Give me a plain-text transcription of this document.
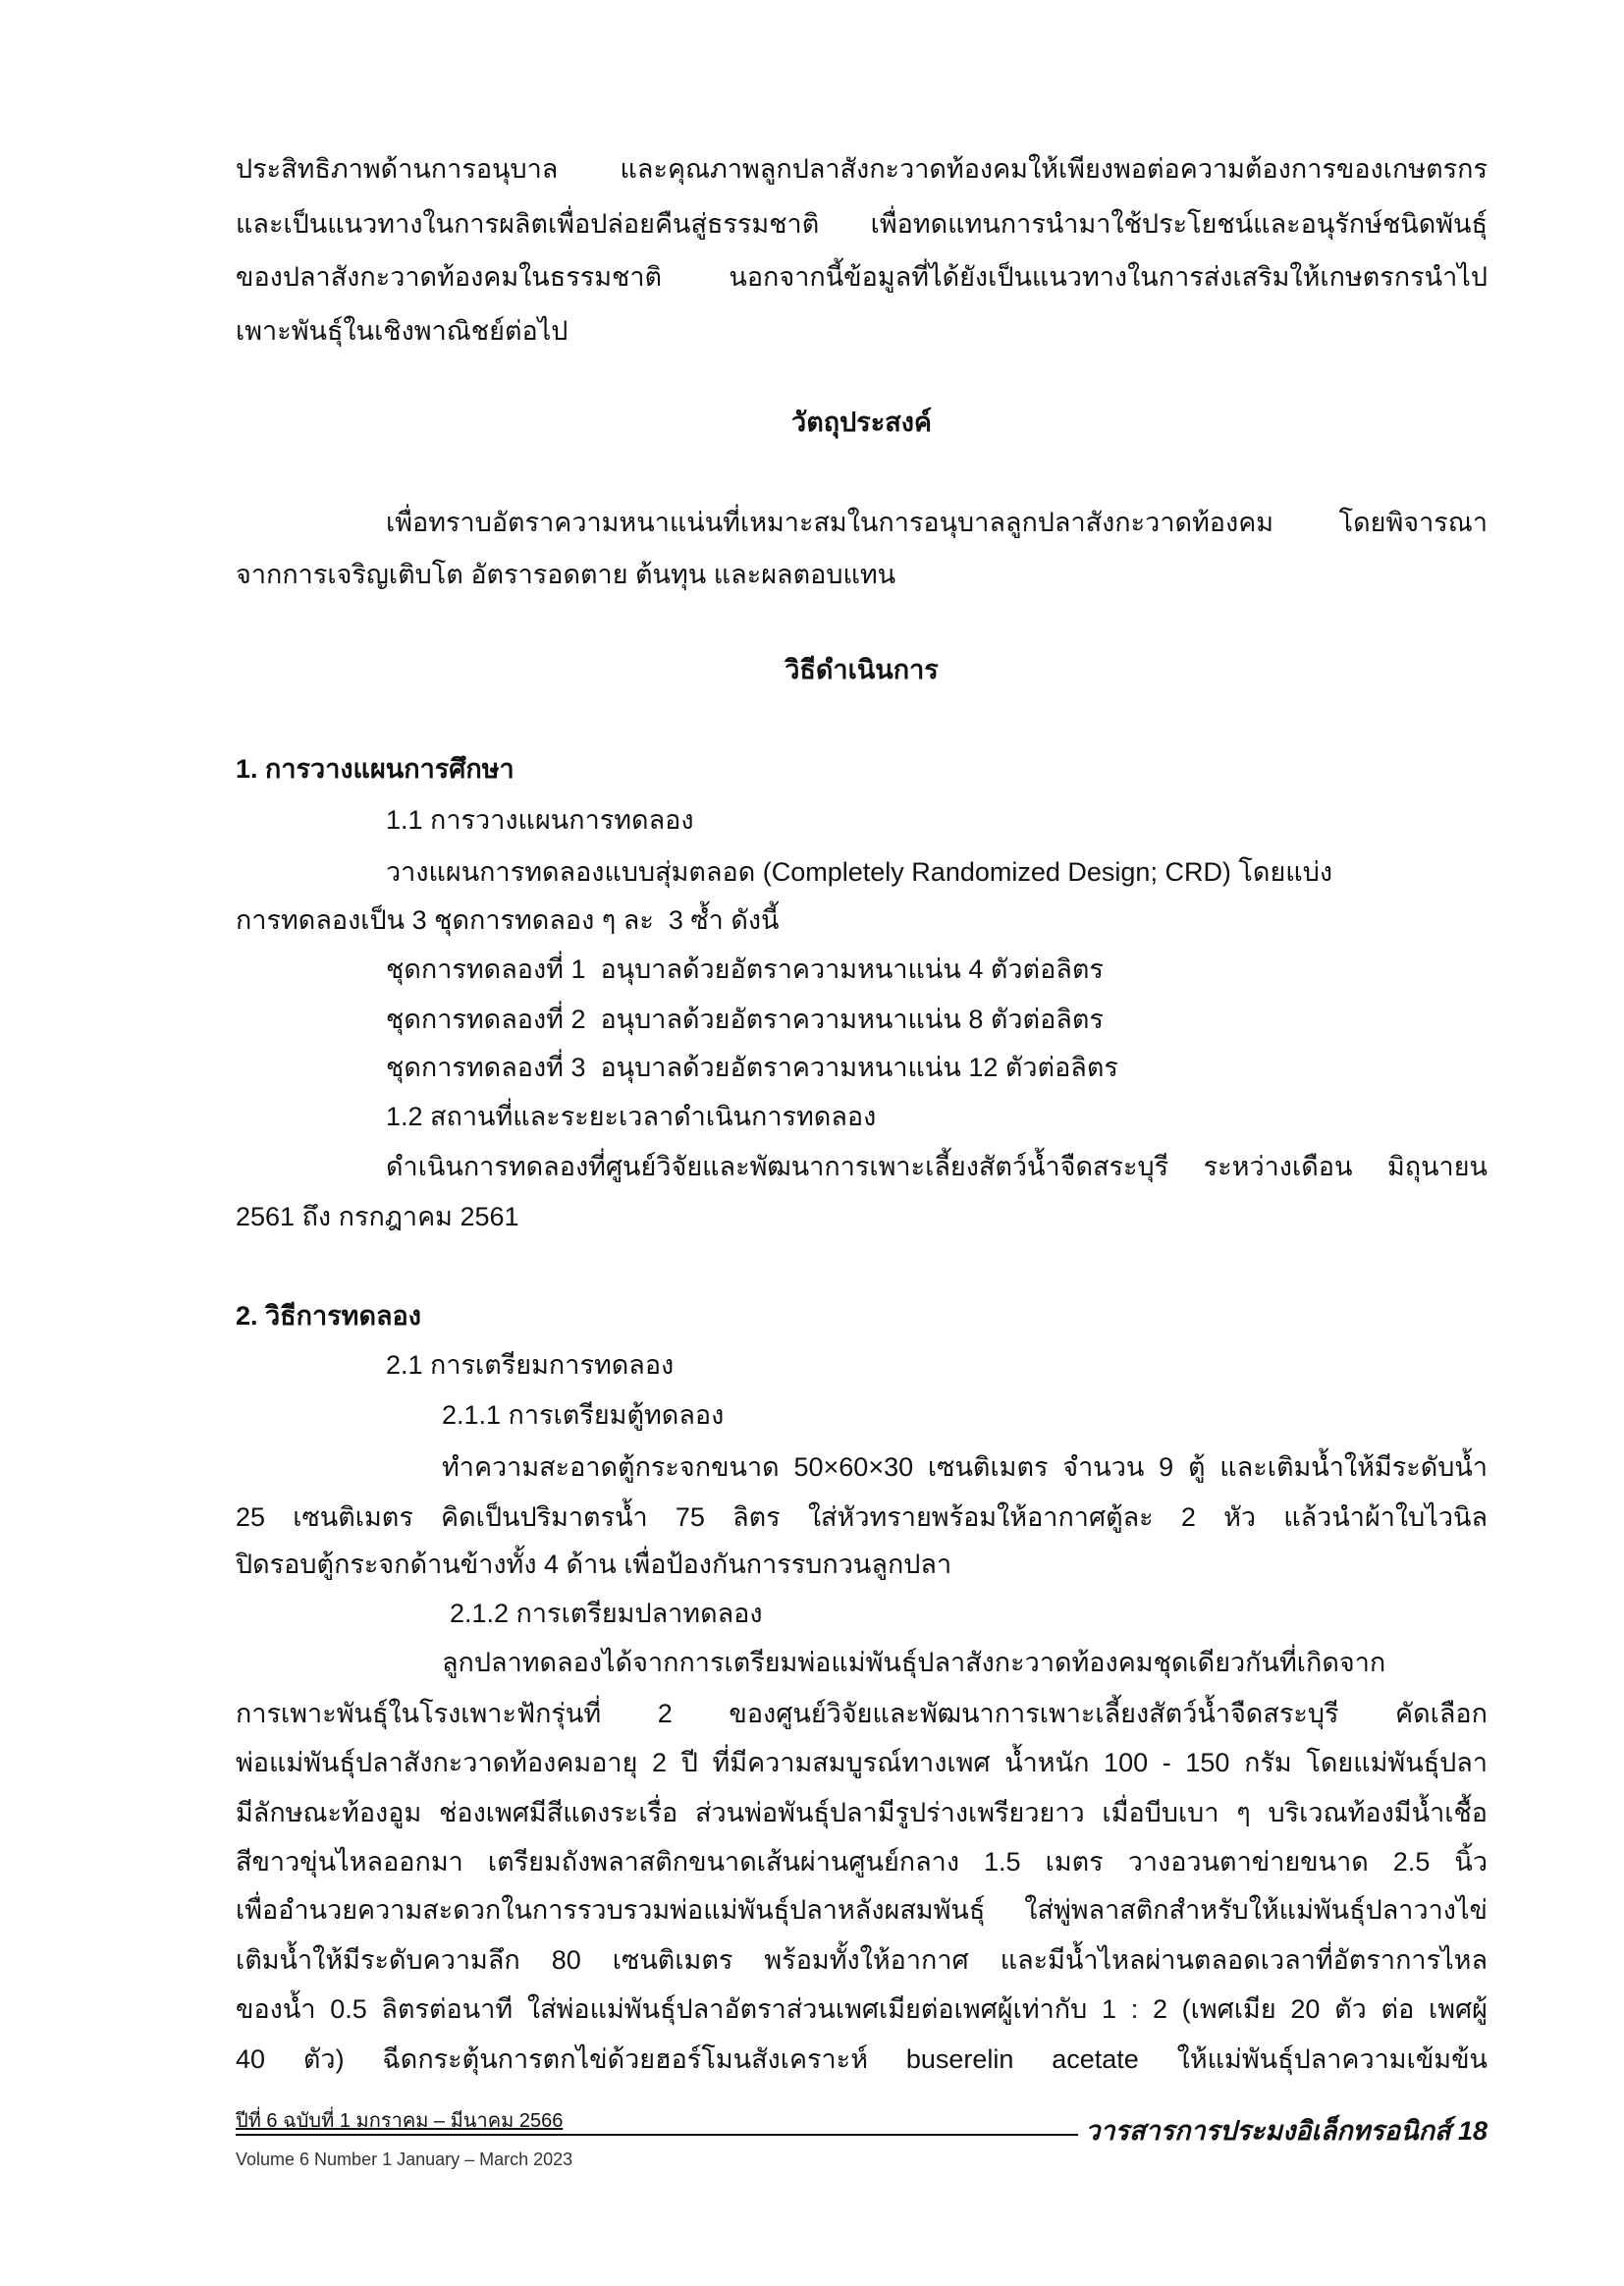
ประสิทธิภาพด้านการอนุบาล และคุณภาพลูกปลาสังกะวาดท้องคมให้เพียงพอต่อความต้องการของเกษตรกร
และเป็นแนวทางในการผลิตเพื่อปล่อยคืนสู่ธรรมชาติ เพื่อทดแทนการนำมาใช้ประโยชน์และอนุรักษ์ชนิดพันธุ์
ของปลาสังกะวาดท้องคมในธรรมชาติ นอกจากนี้ข้อมูลที่ได้ยังเป็นแนวทางในการส่งเสริมให้เกษตรกรนำไป
เพาะพันธุ์ในเชิงพาณิชย์ต่อไป
วัตถุประสงค์
เพื่อทราบอัตราความหนาแน่นที่เหมาะสมในการอนุบาลลูกปลาสังกะวาดท้องคม โดยพิจารณา
จากการเจริญเติบโต อัตรารอดตาย ต้นทุน และผลตอบแทน
วิธีดำเนินการ
1. การวางแผนการศึกษา
1.1 การวางแผนการทดลอง
วางแผนการทดลองแบบสุ่มตลอด (Completely Randomized Design; CRD) โดยแบ่ง
การทดลองเป็น 3 ชุดการทดลอง ๆ ละ  3 ซ้ำ ดังนี้
ชุดการทดลองที่ 1  อนุบาลด้วยอัตราความหนาแน่น 4 ตัวต่อลิตร
ชุดการทดลองที่ 2  อนุบาลด้วยอัตราความหนาแน่น 8 ตัวต่อลิตร
ชุดการทดลองที่ 3  อนุบาลด้วยอัตราความหนาแน่น 12 ตัวต่อลิตร
1.2 สถานที่และระยะเวลาดำเนินการทดลอง
ดำเนินการทดลองที่ศูนย์วิจัยและพัฒนาการเพาะเลี้ยงสัตว์น้ำจืดสระบุรี ระหว่างเดือน มิถุนายน
2561 ถึง กรกฎาคม 2561
2. วิธีการทดลอง
2.1 การเตรียมการทดลอง
2.1.1 การเตรียมตู้ทดลอง
ทำความสะอาดตู้กระจกขนาด 50×60×30 เซนติเมตร จำนวน 9 ตู้ และเติมน้ำให้มีระดับน้ำ
25 เซนติเมตร คิดเป็นปริมาตรน้ำ 75 ลิตร ใส่หัวทรายพร้อมให้อากาศตู้ละ 2 หัว แล้วนำผ้าใบไวนิล
ปิดรอบตู้กระจกด้านข้างทั้ง 4 ด้าน เพื่อป้องกันการรบกวนลูกปลา
2.1.2 การเตรียมปลาทดลอง
ลูกปลาทดลองได้จากการเตรียมพ่อแม่พันธุ์ปลาสังกะวาดท้องคมชุดเดียวกันที่เกิดจาก
การเพาะพันธุ์ในโรงเพาะฟักรุ่นที่ 2 ของศูนย์วิจัยและพัฒนาการเพาะเลี้ยงสัตว์น้ำจืดสระบุรี คัดเลือก
พ่อแม่พันธุ์ปลาสังกะวาดท้องคมอายุ 2 ปี ที่มีความสมบูรณ์ทางเพศ น้ำหนัก 100 - 150 กรัม โดยแม่พันธุ์ปลา
มีลักษณะท้องอูม ช่องเพศมีสีแดงระเรื่อ ส่วนพ่อพันธุ์ปลามีรูปร่างเพรียวยาว เมื่อบีบเบา ๆ บริเวณท้องมีน้ำเชื้อ
สีขาวขุ่นไหลออกมา เตรียมถังพลาสติกขนาดเส้นผ่านศูนย์กลาง 1.5 เมตร วางอวนตาข่ายขนาด 2.5 นิ้ว
เพื่ออำนวยความสะดวกในการรวบรวมพ่อแม่พันธุ์ปลาหลังผสมพันธุ์ ใส่พู่พลาสติกสำหรับให้แม่พันธุ์ปลาวางไข่
เติมน้ำให้มีระดับความลึก 80 เซนติเมตร พร้อมทั้งให้อากาศ และมีน้ำไหลผ่านตลอดเวลาที่อัตราการไหล
ของน้ำ 0.5 ลิตรต่อนาที ใส่พ่อแม่พันธุ์ปลาอัตราส่วนเพศเมียต่อเพศผู้เท่ากับ 1 : 2 (เพศเมีย 20 ตัว ต่อ เพศผู้
40 ตัว) ฉีดกระตุ้นการตกไข่ด้วยฮอร์โมนสังเคราะห์ buserelin acetate ให้แม่พันธุ์ปลาความเข้มข้น
ปีที่ 6 ฉบับที่ 1 มกราคม – มีนาคม 2566	วารสารการประมงอิเล็กทรอนิกส์ 18
Volume 6 Number 1 January – March 2023
